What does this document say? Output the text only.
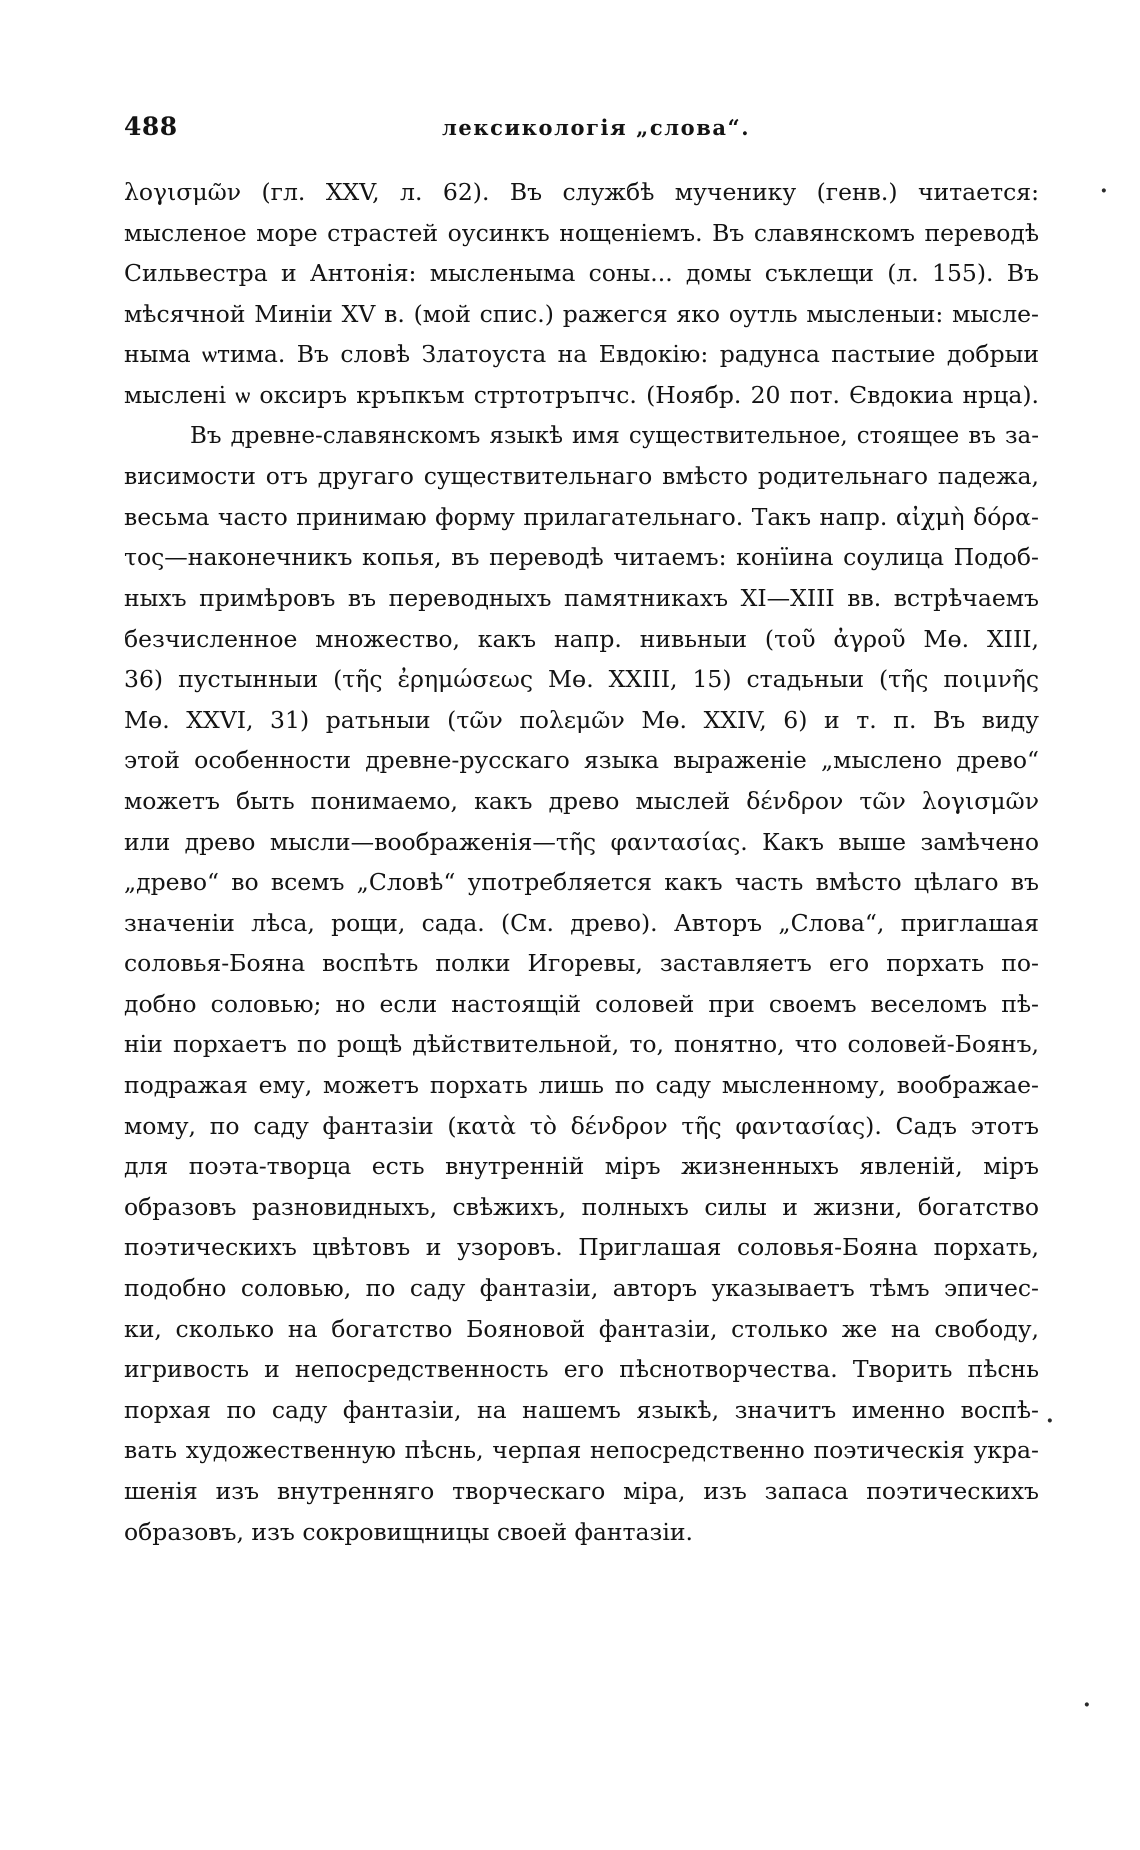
488	лексикологія „слова“.
λογισμῶν (гл. XXV, л. 62). Въ службѣ мученику (генв.) читается:
мысленое море страстей оусинкъ нощеніемъ. Въ славянскомъ переводѣ
Сильвестра и Антонія: мысленыма соны... домы съклещи (л. 155). Въ
мѣсячной Минiи XV в. (мой спис.) ражегся яко оутль мысленыи: мысле-
ныма ѡтима. Въ словѣ Златоуста на Евдокію: радунса пастыие добрыи
мыслені ѡ оксиръ кръпкъм стртотръпчс. (Ноябр. 20 пот. Євдокиа нрца).
Въ древне-славянскомъ языкѣ имя существительное, стоящее въ за-
висимости отъ другаго существительнаго вмѣсто родительнаго падежа,
весьма часто принимаю форму прилагательнаго. Такъ напр. αἰχμὴ δόρα-
τος—наконечникъ копья, въ переводѣ читаемъ: конїина соулица Подоб-
ныхъ примѣровъ въ переводныхъ памятникахъ XI—XIII вв. встрѣчаемъ
безчисленное множество, какъ напр. нивьныи (τοῦ ἀγροῦ Мө. XIII,
36) пустынныи (τῆς ἐρημώσεως Мө. XXIII, 15) стадьныи (τῆς ποιμνῆς
Мө. XXVI, 31) ратьныи (τῶν πολεμῶν Мө. XXIV, 6) и т. п. Въ виду
этой особенности древне-русскаго языка выраженіе „мыслено древо“
можетъ быть понимаемо, какъ древо мыслей δένδρον τῶν λογισμῶν
или древо мысли—воображенія—τῆς φαντασίας. Какъ выше замѣчено
„древо“ во всемъ „Словѣ“ употребляется какъ часть вмѣсто цѣлаго въ
значеніи лѣса, рощи, сада. (См. древо). Авторъ „Слова“, приглашая
соловья-Бояна воспѣть полки Игоревы, заставляетъ его порхать по-
добно соловью; но если настоящій соловей при своемъ веселомъ пѣ-
ніи порхаетъ по рощѣ дѣйствительной, то, понятно, что соловей-Боянъ,
подражая ему, можетъ порхать лишь по саду мысленному, воображае-
мому, по саду фантазіи (κατὰ τὸ δένδρον τῆς φαντασίας). Садъ этотъ
для поэта-творца есть внутренній міръ жизненныхъ явленій, міръ
образовъ разновидныхъ, свѣжихъ, полныхъ силы и жизни, богатство
поэтическихъ цвѣтовъ и узоровъ. Приглашая соловья-Бояна порхать,
подобно соловью, по саду фантазіи, авторъ указываетъ тѣмъ эпичес-
ки, сколько на богатство Бояновой фантазіи, столько же на свободу,
игривость и непосредственность его пѣснотворчества. Творить пѣснь
порхая по саду фантазіи, на нашемъ языкѣ, значитъ именно воспѣ-
вать художественную пѣснь, черпая непосредственно поэтическія укра-
шенія изъ внутренняго творческаго міра, изъ запаса поэтическихъ
образовъ, изъ сокровищницы своей фантазіи.
·
·
·
